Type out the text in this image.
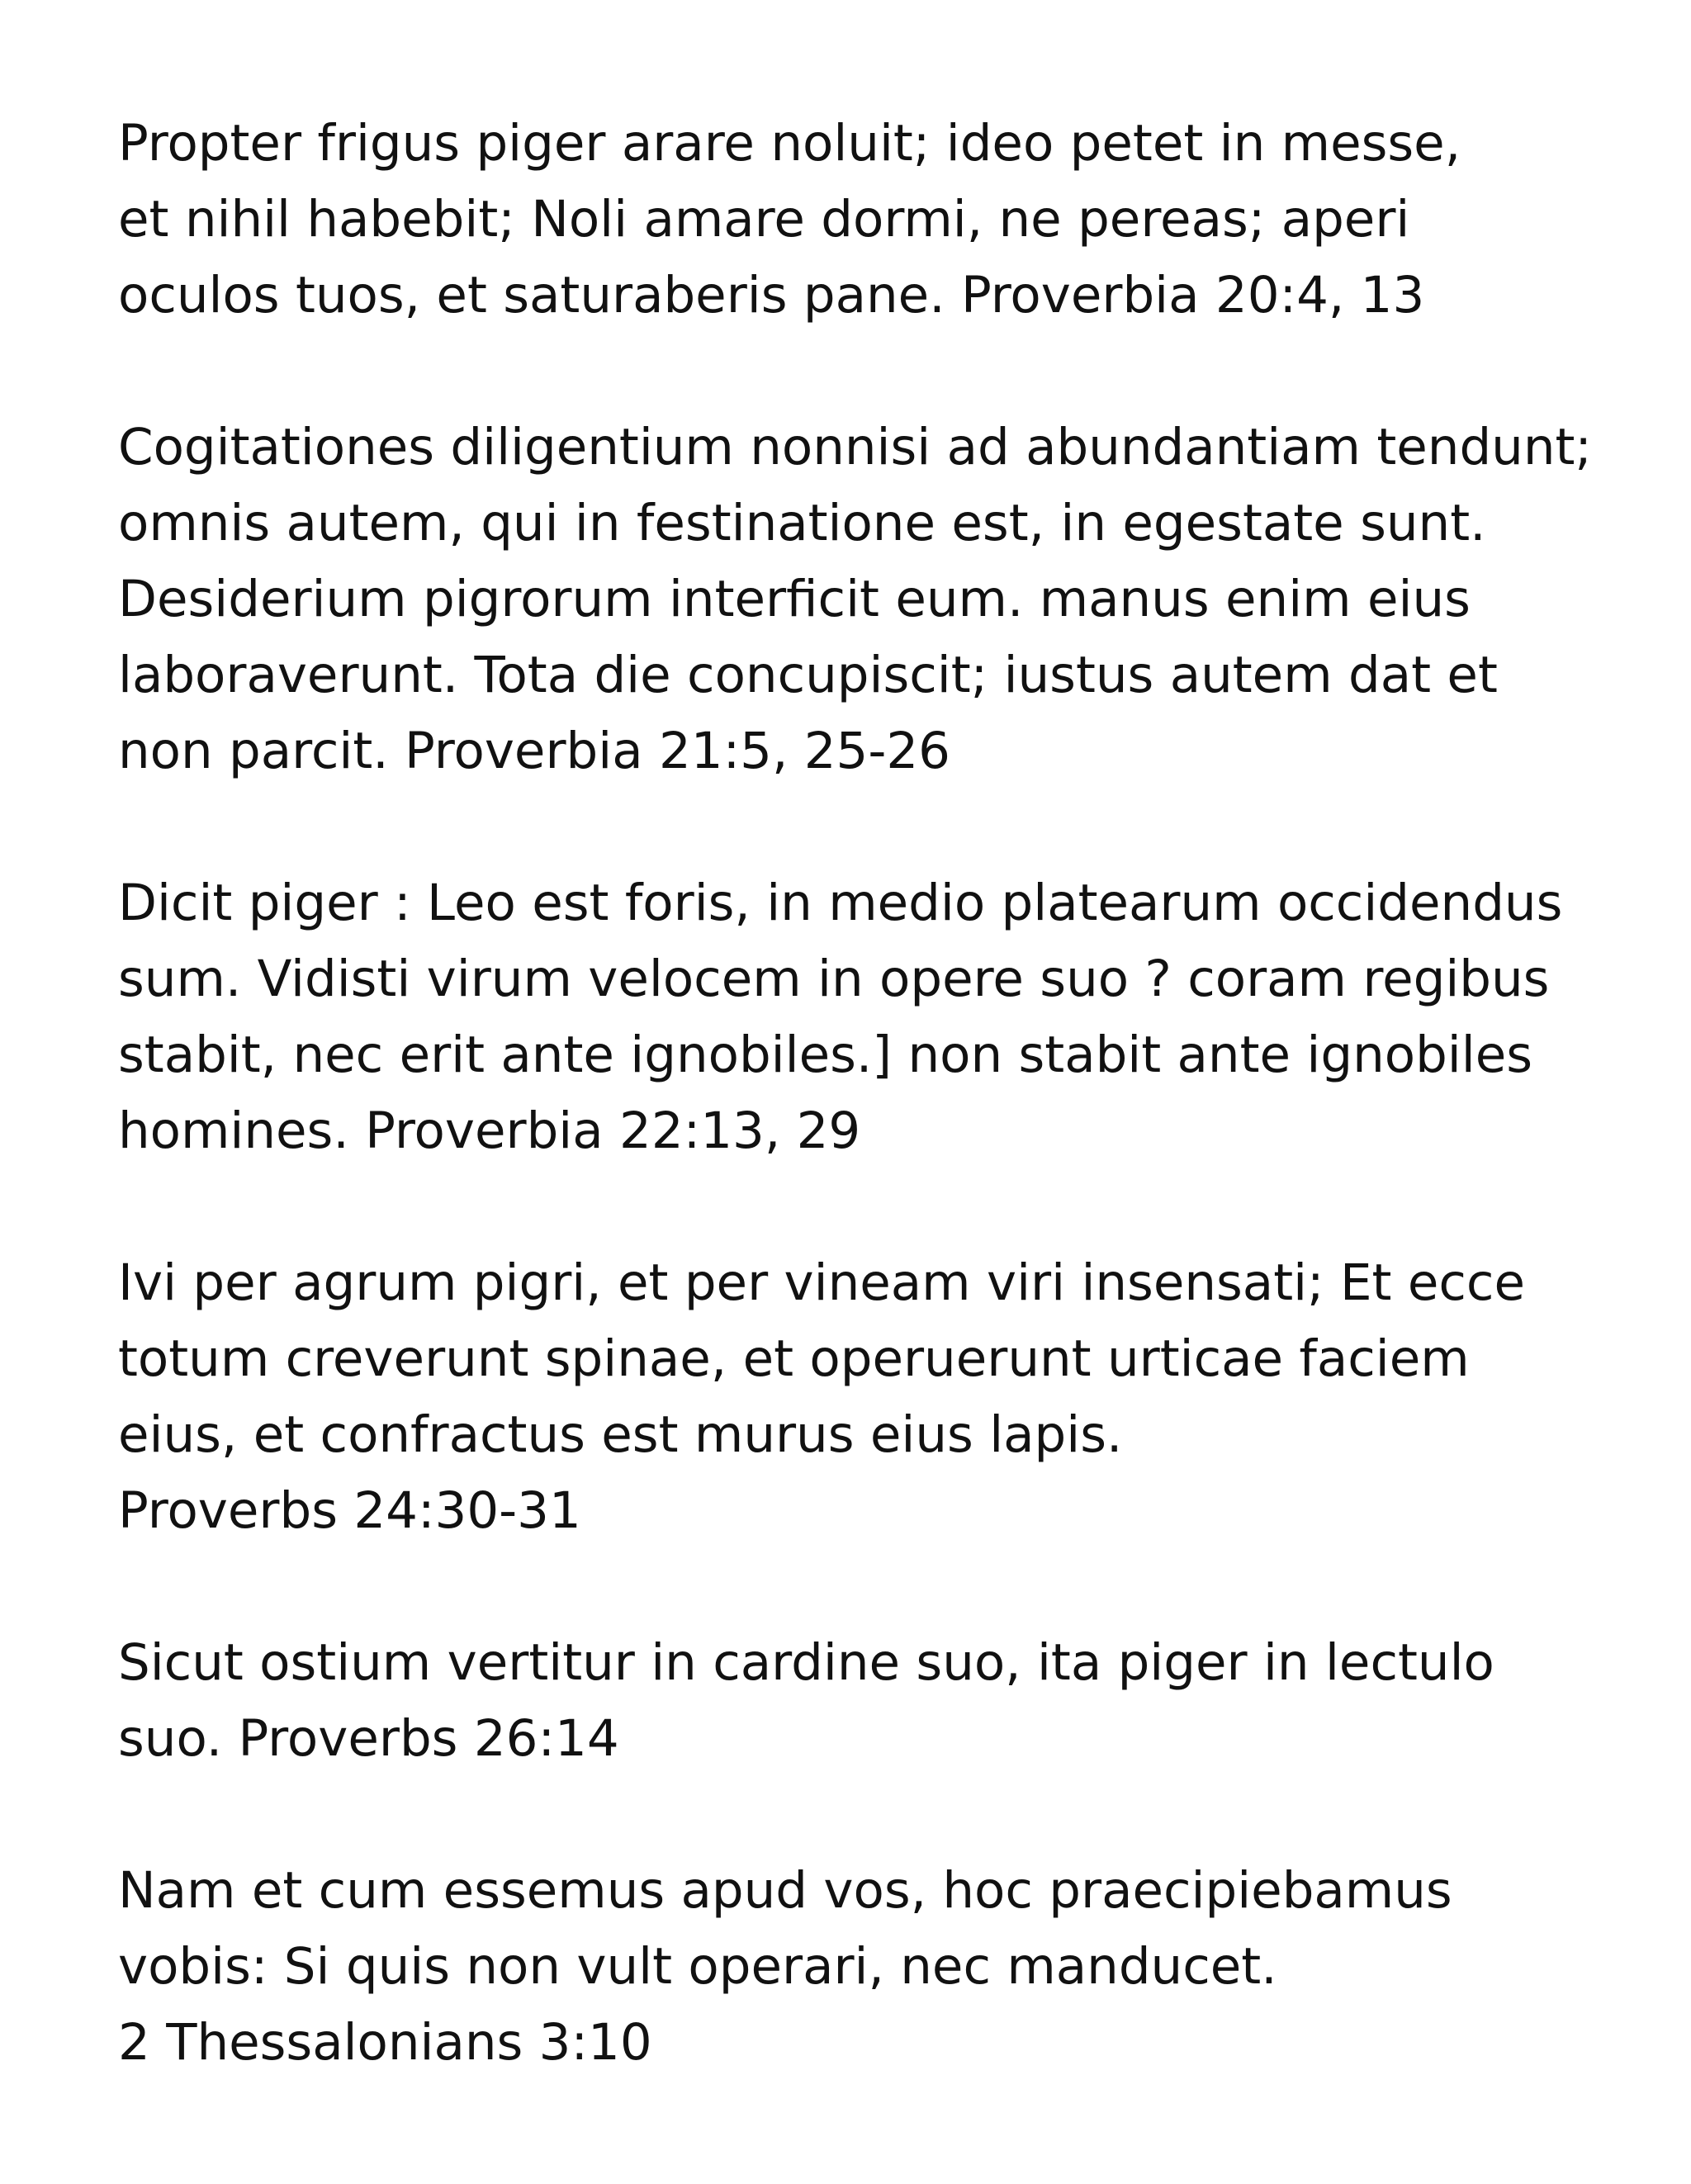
Propter frigus piger arare noluit; ideo petet in messe,
et nihil habebit; Noli amare dormi, ne pereas; aperi
oculos tuos, et saturaberis pane. Proverbia 20:4, 13

Cogitationes diligentium nonnisi ad abundantiam tendunt;
omnis autem, qui in festinatione est, in egestate sunt.
Desiderium pigrorum interficit eum. manus enim eius
laboraverunt. Tota die concupiscit; iustus autem dat et
non parcit. Proverbia 21:5, 25-26

Dicit piger : Leo est foris, in medio platearum occidendus
sum. Vidisti virum velocem in opere suo ? coram regibus
stabit, nec erit ante ignobiles.] non stabit ante ignobiles
homines. Proverbia 22:13, 29

Ivi per agrum pigri, et per vineam viri insensati; Et ecce
totum creverunt spinae, et operuerunt urticae faciem
eius, et confractus est murus eius lapis.
Proverbs 24:30-31

Sicut ostium vertitur in cardine suo, ita piger in lectulo
suo. Proverbs 26:14

Nam et cum essemus apud vos, hoc praecipiebamus
vobis: Si quis non vult operari, nec manducet.
2 Thessalonians 3:10
